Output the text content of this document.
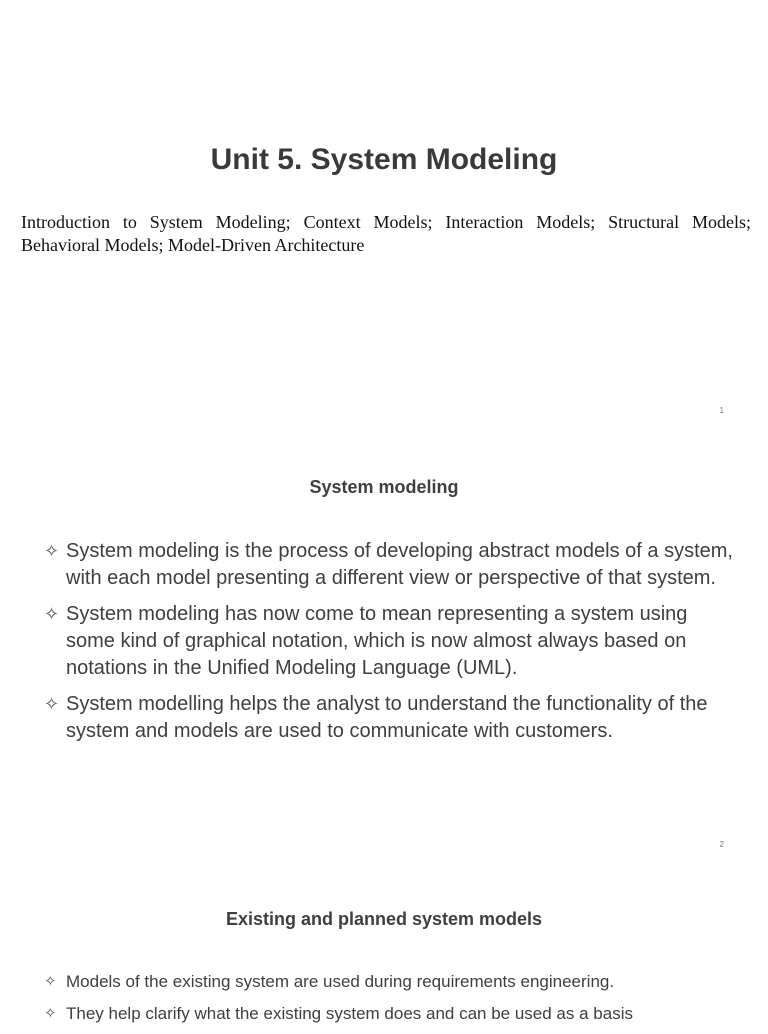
Unit 5. System Modeling
Introduction to System Modeling; Context Models; Interaction Models; Structural Models;
Behavioral Models; Model-Driven Architecture
1
System modeling
✧ System modeling is the process of developing abstract models of a system, with each model presenting a different view or perspective of that system.
✧ System modeling has now come to mean representing a system using some kind of graphical notation, which is now almost always based on notations in the Unified Modeling Language (UML).
✧ System modelling helps the analyst to understand the functionality of the system and models are used to communicate with customers.
2
Existing and planned system models
✧ Models of the existing system are used during requirements engineering.
✧ They help clarify what the existing system does and can be used as a basis
